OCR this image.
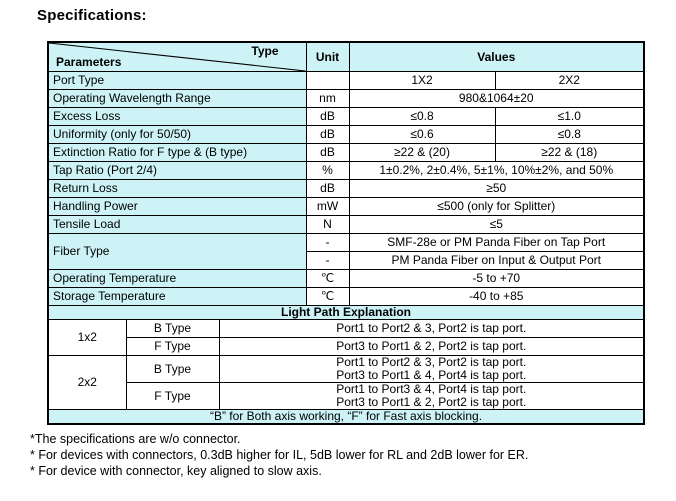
Specifications:
Type
Parameters			Unit	Values	
Port Type				1X2	2X2
Operating Wavelength Range			nm	980&1064±20	
Excess Loss			dB	≤0.8	≤1.0
Uniformity (only for 50/50)			dB	≤0.6	≤0.8
Extinction Ratio for F type & (B type)			dB	≥22 & (20)	≥22 & (18)
Tap Ratio (Port 2/4)			%	1±0.2%, 2±0.4%, 5±1%, 10%±2%, and 50%	
Return Loss			dB	≥50	
Handling Power			mW	≤500 (only for Splitter)	
Tensile Load			N	≤5	
Fiber Type			-	SMF-28e or PM Panda Fiber on Tap Port	
			-	PM Panda Fiber on Input & Output Port	
Operating Temperature			℃	-5 to +70	
Storage Temperature			℃	-40 to +85	
Light Path Explanation					
1x2	B Type	Port1 to Port2 & 3, Port2 is tap port.			
	F Type	Port3 to Port1 & 2, Port2 is tap port.			
2x2	B Type	Port1 to Port2 & 3, Port2 is tap port.
Port3 to Port1 & 4, Port4 is tap port.			

	F Type	Port1 to Port3 & 4, Port4 is tap port.
Port3 to Port1 & 2, Port2 is tap port.			

“B” for Both axis working, “F” for Fast axis blocking.					
*The specifications are w/o connector.
* For devices with connectors, 0.3dB higher for IL, 5dB lower for RL and 2dB lower for ER.
* For device with connector, key aligned to slow axis.
